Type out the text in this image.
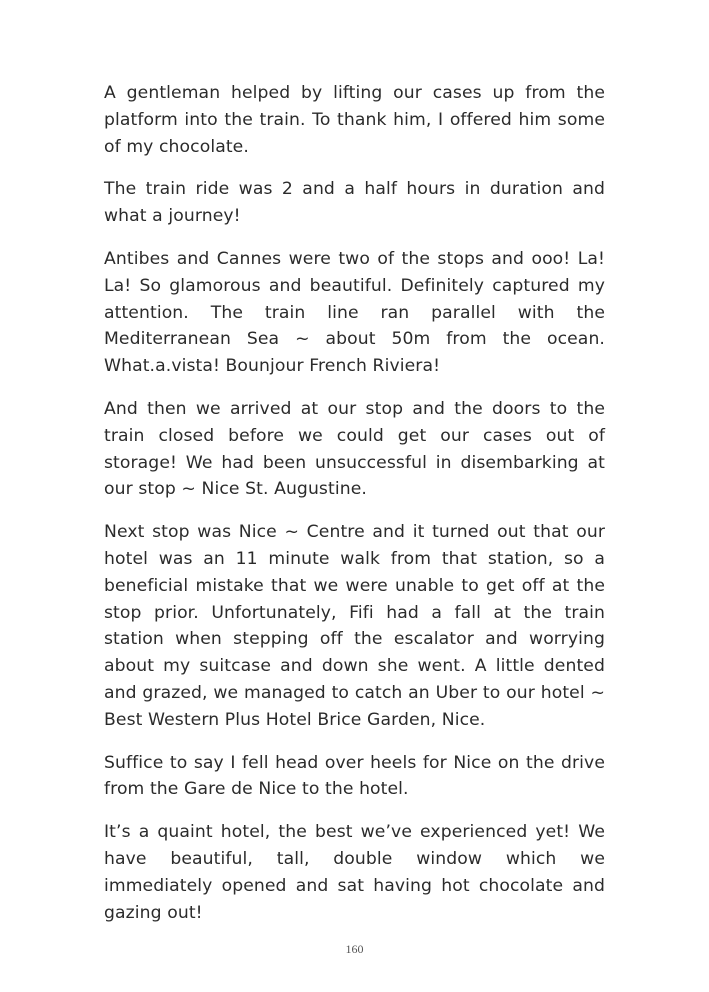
A gentleman helped by lifting our cases up from the platform into the train. To thank him, I offered him some of my chocolate.

The train ride was 2 and a half hours in duration and what a journey!

Antibes and Cannes were two of the stops and ooo! La! La! So glamorous and beautiful. Definitely captured my attention. The train line ran parallel with the Mediterranean Sea ~ about 50m from the ocean. What.a.vista! Bounjour French Riviera!

And then we arrived at our stop and the doors to the train closed before we could get our cases out of storage! We had been unsuccessful in disembarking at our stop ~ Nice St. Augustine.

Next stop was Nice ~ Centre and it turned out that our hotel was an 11 minute walk from that station, so a beneficial mistake that we were unable to get off at the stop prior. Unfortunately, Fifi had a fall at the train station when stepping off the escalator and worrying about my suitcase and down she went. A little dented and grazed, we managed to catch an Uber to our hotel ~ Best Western Plus Hotel Brice Garden, Nice.

Suffice to say I fell head over heels for Nice on the drive from the Gare de Nice to the hotel.

It’s a quaint hotel, the best we’ve experienced yet! We have beautiful, tall, double window which we immediately opened and sat having hot chocolate and gazing out!

160
